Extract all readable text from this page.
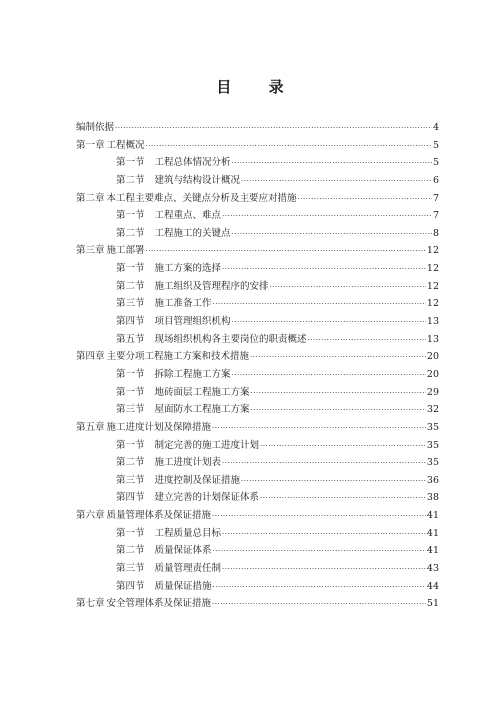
目 录
编制依据 ·····	4
第一章 工程概况 ·····	5
第一节 工程总体情况分析 ·····	5
第二节 建筑与结构设计概况 ·····	6
第二章 本工程主要难点、关键点分析及主要应对措施 ·····	7
第一节 工程重点、难点 ·····	7
第二节 工程施工的关键点 ·····	8
第三章 施工部署 ·····	12
第一节 施工方案的选择 ·····	12
第二节 施工组织及管理程序的安排 ·····	12
第三节 施工准备工作 ·····	12
第四节 项目管理组织机构 ·····	13
第五节 现场组织机构各主要岗位的职责概述 ·····	13
第四章 主要分项工程施工方案和技术措施 ·····	20
第一节 拆除工程施工方案 ·····	20
第一节 地砖面层工程施工方案 ·····	29
第三节 屋面防水工程施工方案 ·····	32
第五章 施工进度计划及保障措施 ·····	35
第一节 制定完善的施工进度计划 ·····	35
第二节 施工进度计划表 ·····	35
第三节 进度控制及保证措施 ·····	36
第四节 建立完善的计划保证体系 ·····	38
第六章 质量管理体系及保证措施 ·····	41
第一节 工程质量总目标 ·····	41
第二节 质量保证体系 ·····	41
第三节 质量管理责任制 ·····	43
第四节 质量保证措施 ·····	44
第七章 安全管理体系及保证措施 ·····	51
